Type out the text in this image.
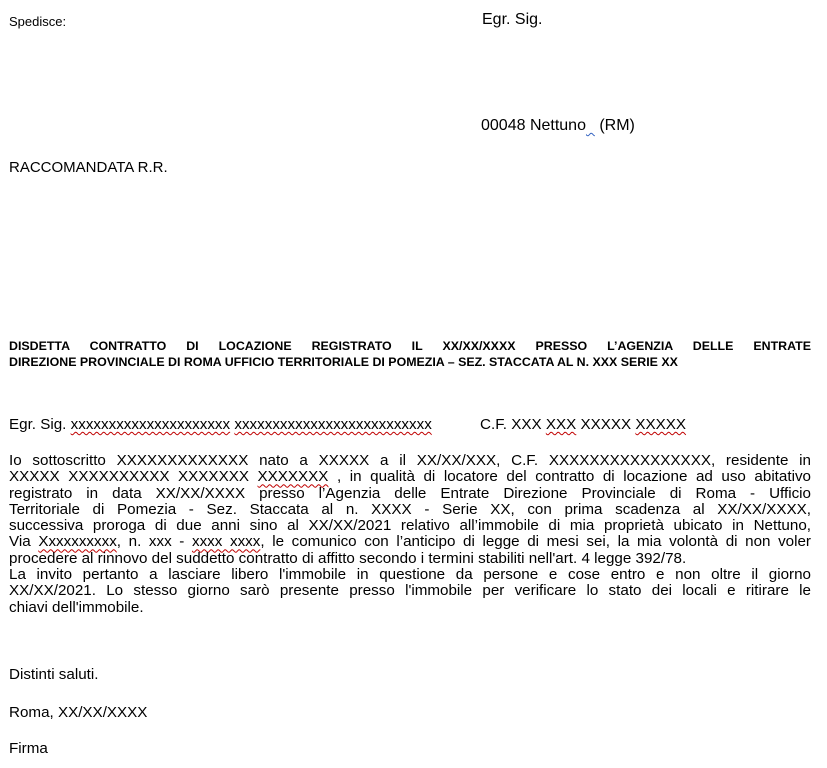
Spedisce:	Egr. Sig.
00048 Nettuno (RM)
RACCOMANDATA R.R.
DISDETTA CONTRATTO DI LOCAZIONE REGISTRATO IL XX/XX/XXXX PRESSO L’AGENZIA DELLE ENTRATE
DIREZIONE PROVINCIALE DI ROMA UFFICIO TERRITORIALE DI POMEZIA – SEZ. STACCATA AL N. XXX SERIE XX
Egr. Sig. xxxxxxxxxxxxxxxxxxxxx xxxxxxxxxxxxxxxxxxxxxxxxxx	C.F. XXX XXX XXXXX XXXXX
Io sottoscritto XXXXXXXXXXXXX nato a XXXXX a il XX/XX/XXX, C.F. XXXXXXXXXXXXXXXX, residente in
XXXXX XXXXXXXXXX XXXXXXX XXXXXXX , in qualità di locatore del contratto di locazione ad uso abitativo
registrato in data XX/XX/XXXX presso l’Agenzia delle Entrate Direzione Provinciale di Roma - Ufficio
Territoriale di Pomezia - Sez. Staccata al n. XXXX - Serie XX, con prima scadenza al XX/XX/XXXX,
successiva proroga di due anni sino al XX/XX/2021 relativo all’immobile di mia proprietà ubicato in Nettuno,
Via Xxxxxxxxxx, n. xxx - xxxx xxxx, le comunico con l’anticipo di legge di mesi sei, la mia volontà di non voler
procedere al rinnovo del suddetto contratto di affitto secondo i termini stabiliti nell'art. 4 legge 392/78.
La invito pertanto a lasciare libero l'immobile in questione da persone e cose entro e non oltre il giorno
XX/XX/2021. Lo stesso giorno sarò presente presso l'immobile per verificare lo stato dei locali e ritirare le
chiavi dell'immobile.
Distinti saluti.
Roma, XX/XX/XXXX
Firma
